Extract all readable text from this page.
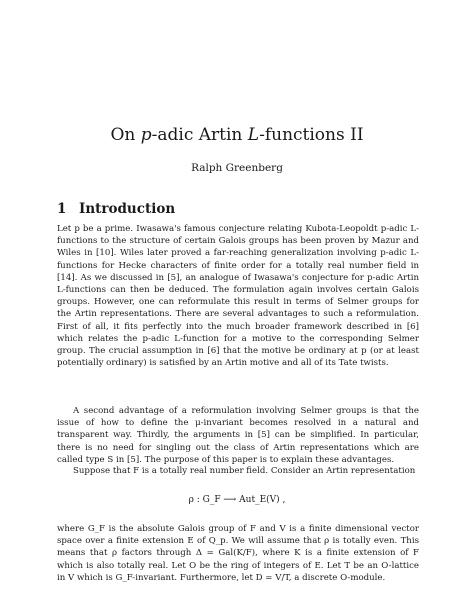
On p-adic Artin L-functions II
Ralph Greenberg
1 Introduction

Let p be a prime. Iwasawa's famous conjecture relating Kubota-Leopoldt p-adic L-functions to the structure of certain Galois groups has been proven by Mazur and Wiles in [10]. Wiles later proved a far-reaching generalization involving p-adic L-functions for Hecke characters of finite order for a totally real number field in [14]. As we discussed in [5], an analogue of Iwasawa's conjecture for p-adic Artin L-functions can then be deduced. The formulation again involves certain Galois groups. However, one can reformulate this result in terms of Selmer groups for the Artin representations. There are several advantages to such a reformulation. First of all, it fits perfectly into the much broader framework described in [6] which relates the p-adic L-function for a motive to the corresponding Selmer group. The crucial assumption in [6] that the motive be ordinary at p (or at least potentially ordinary) is satisfied by an Artin motive and all of its Tate twists.

A second advantage of a reformulation involving Selmer groups is that the issue of how to define the μ-invariant becomes resolved in a natural and transparent way. Thirdly, the arguments in [5] can be simplified. In particular, there is no need for singling out the class of Artin representations which are called type S in [5]. The purpose of this paper is to explain these advantages.

Suppose that F is a totally real number field. Consider an Artin representation

ρ : G_F ⟶ Aut_E(V) ,

where G_F is the absolute Galois group of F and V is a finite dimensional vector space over a finite extension E of Q_p. We will assume that ρ is totally even. This means that ρ factors through Δ = Gal(K/F), where K is a finite extension of F which is also totally real. Let O be the ring of integers of E. Let T be an O-lattice in V which is G_F-invariant. Furthermore, let D = V/T, a discrete O-module.
